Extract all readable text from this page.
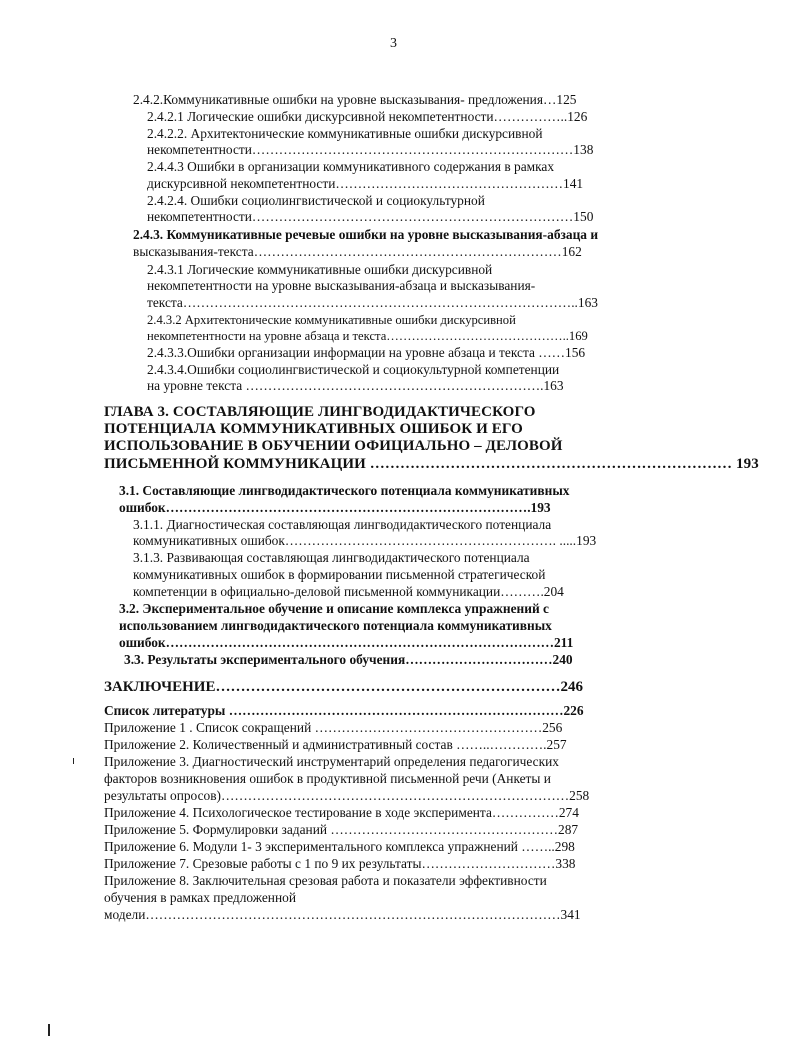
3
2.4.2.Коммуникативные ошибки на уровне высказывания- предложения…125
2.4.2.1 Логические ошибки дискурсивной некомпетентности……………..126
2.4.2.2. Архитектонические коммуникативные ошибки дискурсивной
некомпетентности………………………………………………………………138
2.4.4.3 Ошибки в организации коммуникативного содержания в рамках
дискурсивной некомпетентности……………………………………………141
2.4.2.4. Ошибки социолингвистической и социокультурной
некомпетентности………………………………………………………………150
2.4.3. Коммуникативные речевые ошибки на уровне высказывания-абзаца и
высказывания-текста……………………………………………………………162
2.4.3.1 Логические коммуникативные ошибки дискурсивной
некомпетентности на уровне высказывания-абзаца и высказывания-
текста……………………………………………………………………………..163
2.4.3.2 Архитектонические коммуникативные ошибки дискурсивной
некомпетентности на уровне абзаца и текста……………………………………..169
2.4.3.3.Ошибки организации информации на уровне абзаца и текста ……156
2.4.3.4.Ошибки социолингвистической и социокультурной компетенции
на уровне текста ………………………………………………………….163
ГЛАВА 3. СОСТАВЛЯЮЩИЕ ЛИНГВОДИДАКТИЧЕСКОГО
ПОТЕНЦИАЛА КОММУНИКАТИВНЫХ ОШИБОК И ЕГО
ИСПОЛЬЗОВАНИЕ В ОБУЧЕНИИ ОФИЦИАЛЬНО – ДЕЛОВОЙ
ПИСЬМЕННОЙ КОММУНИКАЦИИ ……………………………………………………………… 193
3.1. Составляющие лингводидактического потенциала коммуникативных
ошибок……………………………………………………………………….193
3.1.1. Диагностическая составляющая лингводидактического потенциала
коммуникативных ошибок……………………………………………………. .....193
3.1.3. Развивающая составляющая лингводидактического потенциала
коммуникативных ошибок в формировании письменной стратегической
компетенции в официально-деловой письменной коммуникации……….204
3.2. Экспериментальное обучение и описание комплекса упражнений с
использованием лингводидактического потенциала коммуникативных
ошибок……………………………………………………………………………211
3.3. Результаты экспериментального обучения……………………………240
ЗАКЛЮЧЕНИЕ……………………………………………………………246
Список литературы …………………………………………………………………226
Приложение 1 . Список сокращений ……………………………………………256
Приложение 2. Количественный и административный состав ……..………….257
Приложение 3. Диагностический инструментарий определения педагогических
факторов возникновения ошибок в продуктивной письменной речи (Анкеты и
результаты опросов)……………………………………………………………………258
Приложение 4. Психологическое тестирование в ходе эксперимента……………274
Приложение 5. Формулировки заданий ……………………………………………287
Приложение 6. Модули 1- 3 экспериментального комплекса упражнений ……..298
Приложение 7. Срезовые работы с 1 по 9 их результаты…………………………338
Приложение 8. Заключительная срезовая работа и показатели эффективности
обучения в рамках предложенной
модели…………………………………………………………………………………341
